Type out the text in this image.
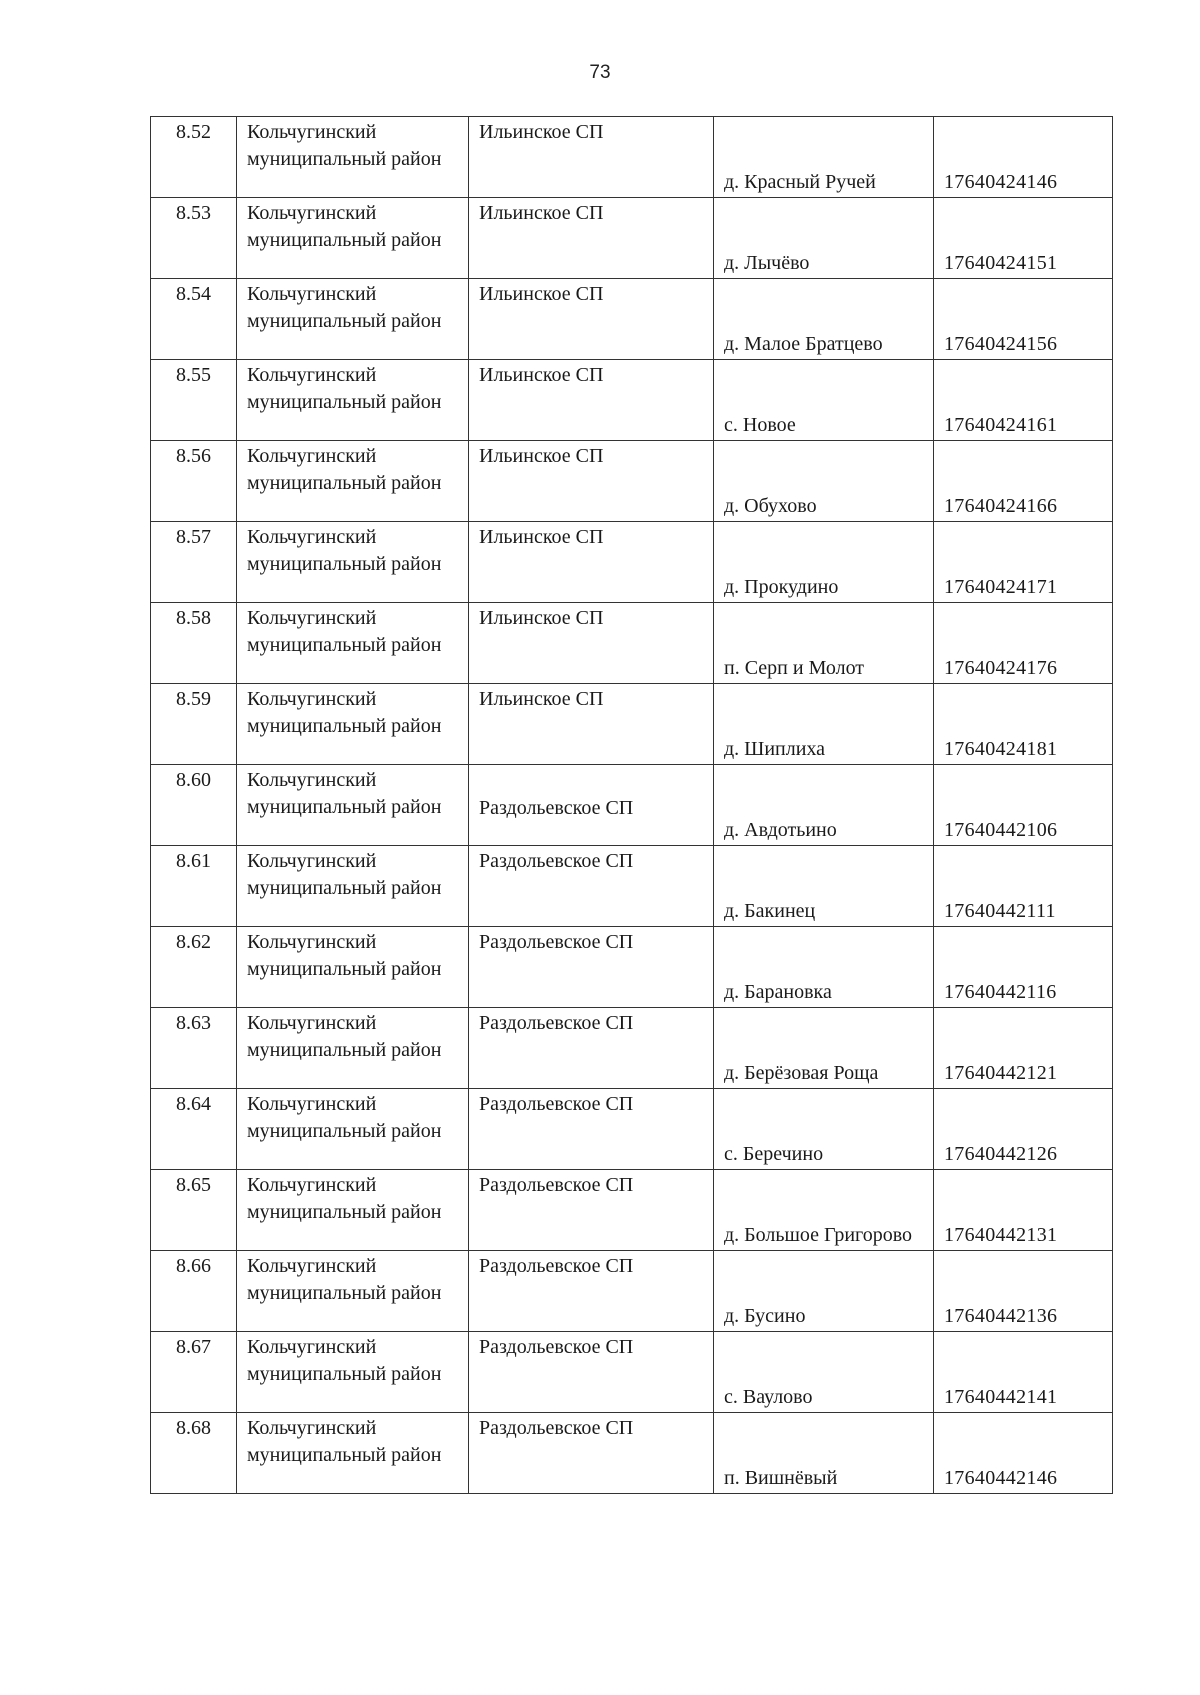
73
8.52	Кольчугинский муниципальный район	Ильинское СП	д. Красный Ручей	17640424146

8.53	Кольчугинский муниципальный район	Ильинское СП	д. Лычёво	17640424151

8.54	Кольчугинский муниципальный район	Ильинское СП	д. Малое Братцево	17640424156

8.55	Кольчугинский муниципальный район	Ильинское СП	с. Новое	17640424161

8.56	Кольчугинский муниципальный район	Ильинское СП	д. Обухово	17640424166

8.57	Кольчугинский муниципальный район	Ильинское СП	д. Прокудино	17640424171

8.58	Кольчугинский муниципальный район	Ильинское СП	п. Серп и Молот	17640424176

8.59	Кольчугинский муниципальный район	Ильинское СП	д. Шиплиха	17640424181

8.60	Кольчугинский муниципальный район	Раздольевское СП	д. Авдотьино	17640442106

8.61	Кольчугинский муниципальный район	Раздольевское СП	д. Бакинец	17640442111

8.62	Кольчугинский муниципальный район	Раздольевское СП	д. Барановка	17640442116

8.63	Кольчугинский муниципальный район	Раздольевское СП	д. Берёзовая Роща	17640442121

8.64	Кольчугинский муниципальный район	Раздольевское СП	с. Беречино	17640442126

8.65	Кольчугинский муниципальный район	Раздольевское СП	д. Большое Григорово	17640442131

8.66	Кольчугинский муниципальный район	Раздольевское СП	д. Бусино	17640442136

8.67	Кольчугинский муниципальный район	Раздольевское СП	с. Ваулово	17640442141

8.68	Кольчугинский муниципальный район	Раздольевское СП	п. Вишнёвый	17640442146
